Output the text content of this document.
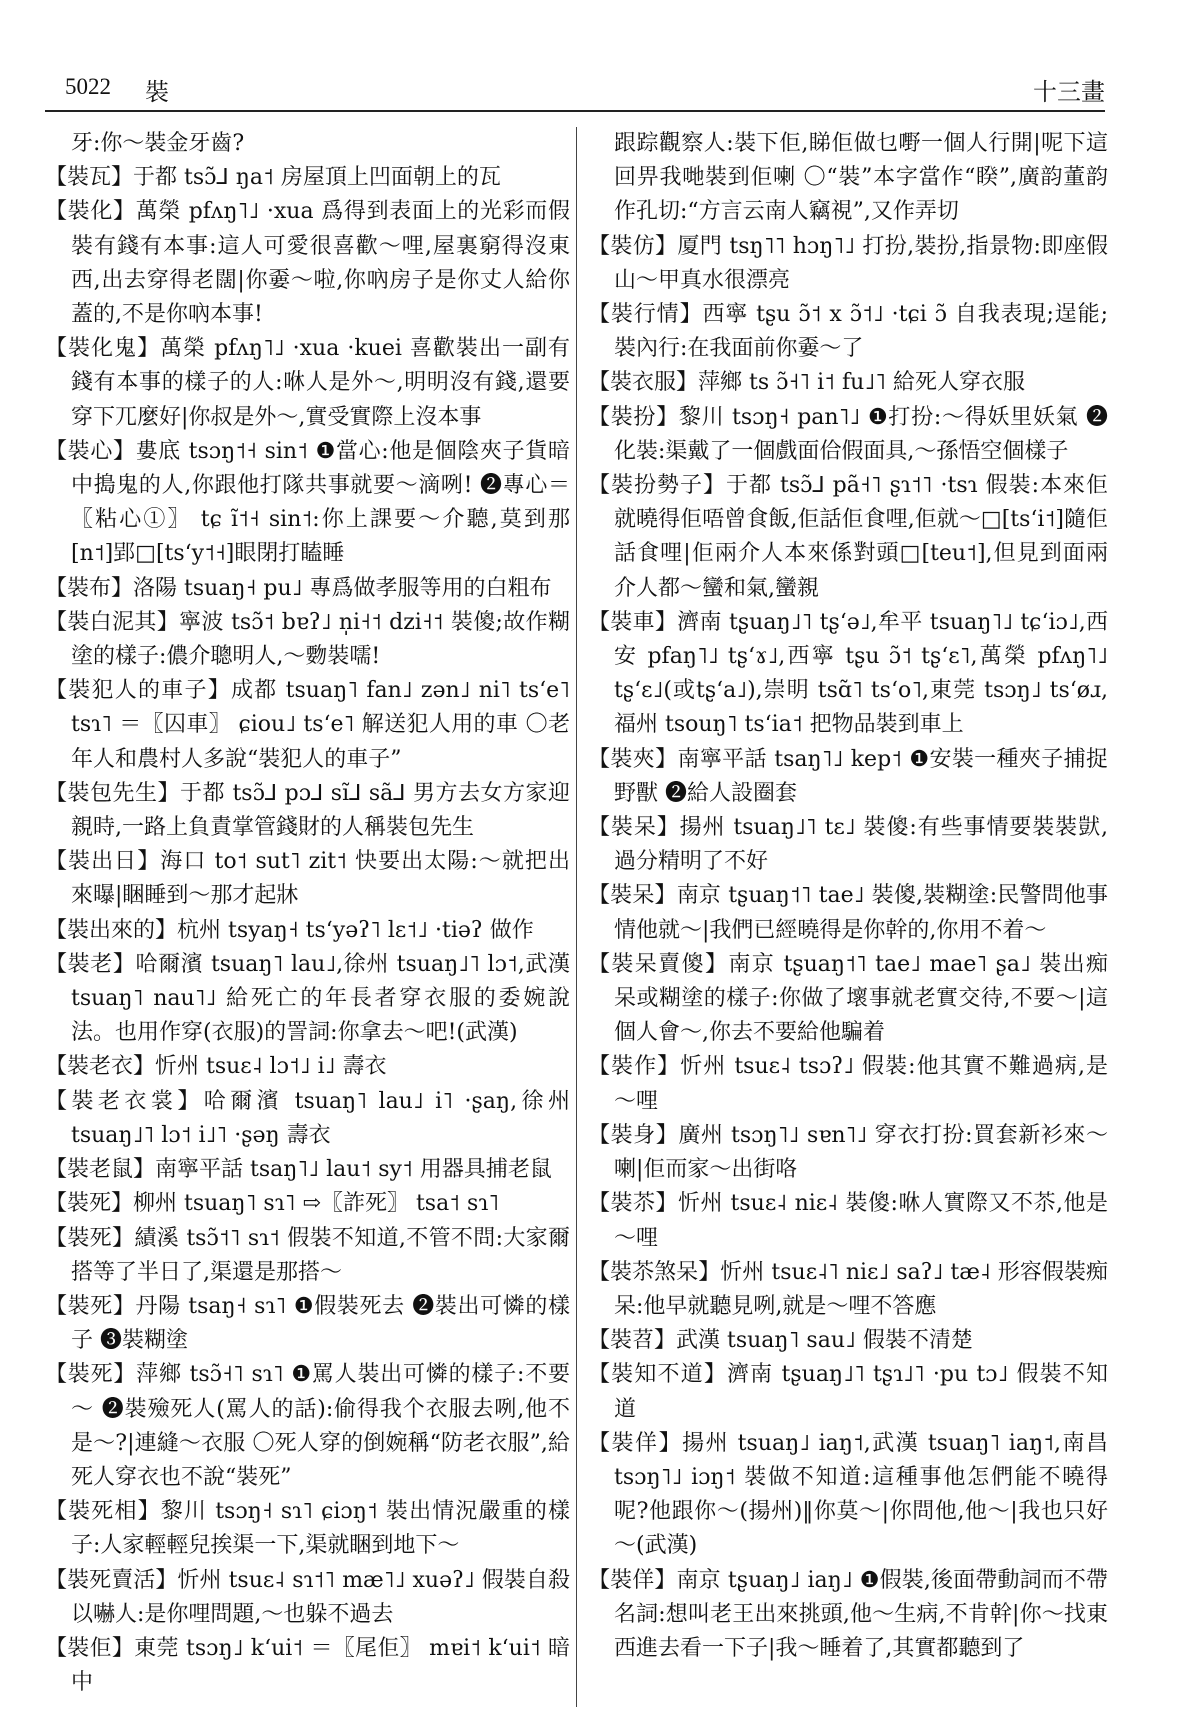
5022 裝	十三畫
牙:你～裝金牙齒?
【裝瓦】于都 tsɔ̃⅃ ŋa˦ 房屋頂上凹面朝上的瓦
【裝化】萬榮 pfʌŋ˥˩ ·xua 爲得到表面上的光彩而假裝有錢有本事:這人可愛很喜歡～哩,屋裏窮得沒東西,出去穿得老闊|你嫑～啦,你吶房子是你丈人給你蓋的,不是你吶本事!
【裝化鬼】萬榮 pfʌŋ˥˩ ·xua ·kuei 喜歡裝出一副有錢有本事的樣子的人:咻人是外～,明明沒有錢,還要穿下兀麼好|你叔是外～,實受實際上沒本事
【裝心】婁底 tsɔŋ˦˧ sin˦ ❶當心:他是個陰夾子貨暗中搗鬼的人,你跟他打隊共事就要～滴咧! ❷專心＝〖粘心①〗 tɕ ĩ˦˧ sin˦:你上課要～介聽,莫到那[n˦]郢□[tsʻy˦˧]眼閉打瞌睡
【裝布】洛陽 tsuaŋ˧ pu˩ 專爲做孝服等用的白粗布
【裝白泥其】寧波 tsɔ̃˦ bɐʔ˩ n̩i˧˦ dzi˧˦ 裝傻;故作糊塗的樣子:儂介聰明人,～覅裝嚅!
【裝犯人的車子】成都 tsuaŋ˥ fan˩ zən˩ ni˥ tsʻe˥ tsɿ˥ ＝〖囚車〗 ɕiou˩ tsʻe˥ 解送犯人用的車 〇老年人和農村人多說“裝犯人的車子”
【裝包先生】于都 tsɔ̃⅃ pɔ⅃ sĩ⅃ sã⅃ 男方去女方家迎親時,一路上負責掌管錢財的人稱裝包先生
【裝出日】海口 to˦ sut˥ zit˦ 快要出太陽:～就把出來曝|睏睡到～那才起牀
【裝出來的】杭州 tsyaŋ˧ tsʻyəʔ˥ lɛ˦˩ ·tiəʔ 做作
【裝老】哈爾濱 tsuaŋ˥ lau˩,徐州 tsuaŋ˩˥ lɔ˦,武漢 tsuaŋ˥ nau˥˩ 給死亡的年長者穿衣服的委婉說法。也用作穿(衣服)的詈詞:你拿去～吧!(武漢)
【裝老衣】忻州 tsuɛ˨ lɔ˦˩ i˩ 壽衣
【裝老衣裳】哈爾濱 tsuaŋ˥ lau˩ i˥ ·ʂaŋ,徐州 tsuaŋ˩˥ lɔ˦ i˩˥ ·ʂəŋ 壽衣
【裝老鼠】南寧平話 tsaŋ˥˩ lau˦ sy˦ 用器具捕老鼠
【裝死】柳州 tsuaŋ˥ sɿ˥ ⇨〖詐死〗 tsa˦ sɿ˥
【裝死】績溪 tsɔ̃˦˥ sɿ˦ 假裝不知道,不管不問:大家爾搭等了半日了,渠還是那搭～
【裝死】丹陽 tsaŋ˧ sɿ˥ ❶假裝死去 ❷裝出可憐的樣子 ❸裝糊塗
【裝死】萍鄉 tsɔ̃˧˥ sɿ˥ ❶罵人裝出可憐的樣子:不要～ ❷裝殮死人(罵人的話):偷得我个衣服去咧,他不是～?|連縫～衣服 〇死人穿的倒婉稱“防老衣服”,給死人穿衣也不說“裝死”
【裝死相】黎川 tsɔŋ˧ sɿ˥ ɕiɔŋ˦ 裝出情況嚴重的樣子:人家輕輕兒挨渠一下,渠就睏到地下～
【裝死賣活】忻州 tsuɛ˨ sɿ˦˥ mæ˥˩ xuəʔ˩ 假裝自殺以嚇人:是你哩問題,～也躲不過去
【裝佢】東莞 tsɔŋ˩ kʻui˦ ＝〖尾佢〗 mɐi˦ kʻui˦ 暗中
跟踪觀察人:裝下佢,睇佢做乜嘢一個人行開|呢下這回畀我哋裝到佢喇 〇“裝”本字當作“睽”,廣韵董韵作孔切:“方言云南人竊視”,又作弄切
【裝仿】厦門 tsŋ˥˥ hɔŋ˥˩ 打扮,裝扮,指景物:即座假山～甲真水很漂亮
【裝行情】西寧 tʂu ɔ̃˦ x ɔ̃˦˩ ·tɕi ɔ̃ 自我表現;逞能;裝內行:在我面前你嫑～了
【裝衣服】萍鄉 ts ɔ̃˧˥ i˦ fu˩˥ 給死人穿衣服
【裝扮】黎川 tsɔŋ˧ pan˥˩ ❶打扮:～得妖里妖氣 ❷化裝:渠戴了一個戲面佮假面具,～孫悟空個樣子
【裝扮勢子】于都 tsɔ̃⅃ pã˧˥ ʂɿ˦˥ ·tsɿ 假裝:本來佢就曉得佢唔曾食飯,佢話佢食哩,佢就～□[tsʻi˦]隨佢話食哩|佢兩介人本來係對頭□[teu˦],但見到面兩介人都～蠻和氣,蠻親
【裝車】濟南 tʂuaŋ˩˥ tʂʻə˩,牟平 tsuaŋ˥˩ tɕʻiɔ˩,西安 pfaŋ˥˩ tʂʻɤ˩,西寧 tʂu ɔ̃˦ tʂʻɛ˥,萬榮 pfʌŋ˥˩ tʂʻɛ˩(或tʂʻa˩),崇明 tsɑ̃˥ tsʻo˥,東莞 tsɔŋ˩ tsʻøɹ,福州 tsouŋ˥ tsʻia˦ 把物品裝到車上
【裝夾】南寧平話 tsaŋ˥˩ kep˦ ❶安裝一種夾子捕捉野獸 ❷給人設圈套
【裝呆】揚州 tsuaŋ˩˥ tɛ˩ 裝傻:有些事情要裝裝獃,過分精明了不好
【裝呆】南京 tʂuaŋ˦˥ tae˩ 裝傻,裝糊塗:民警問他事情他就～|我們已經曉得是你幹的,你用不着～
【裝呆賣傻】南京 tʂuaŋ˦˥ tae˩ mae˥ ʂa˩ 裝出痴呆或糊塗的樣子:你做了壞事就老實交待,不要～|這個人會～,你去不要給他騙着
【裝作】忻州 tsuɛ˨ tsɔʔ˩ 假裝:他其實不難過病,是～哩
【裝身】廣州 tsɔŋ˥˩ sɐn˥˩ 穿衣打扮:買套新衫來～喇|佢而家～出街咯
【裝苶】忻州 tsuɛ˨ niɛ˨ 裝傻:咻人實際又不苶,他是～哩
【裝苶煞呆】忻州 tsuɛ˨˥ niɛ˩ saʔ˩ tæ˨ 形容假裝痴呆:他早就聽見咧,就是～哩不答應
【裝苕】武漢 tsuaŋ˥ sau˩ 假裝不清楚
【裝知不道】濟南 tʂuaŋ˩˥ tʂɿ˩˥ ·pu tɔ˩ 假裝不知道
【裝佯】揚州 tsuaŋ˩ iaŋ˦,武漢 tsuaŋ˥ iaŋ˦,南昌 tsɔŋ˥˩ iɔŋ˦ 裝做不知道:這種事他怎們能不曉得呢?他跟你～(揚州)‖你莫～|你問他,他～|我也只好～(武漢)
【裝佯】南京 tʂuaŋ˩ iaŋ˩ ❶假裝,後面帶動詞而不帶名詞:想叫老王出來挑頭,他～生病,不肯幹|你～找東西進去看一下子|我～睡着了,其實都聽到了
